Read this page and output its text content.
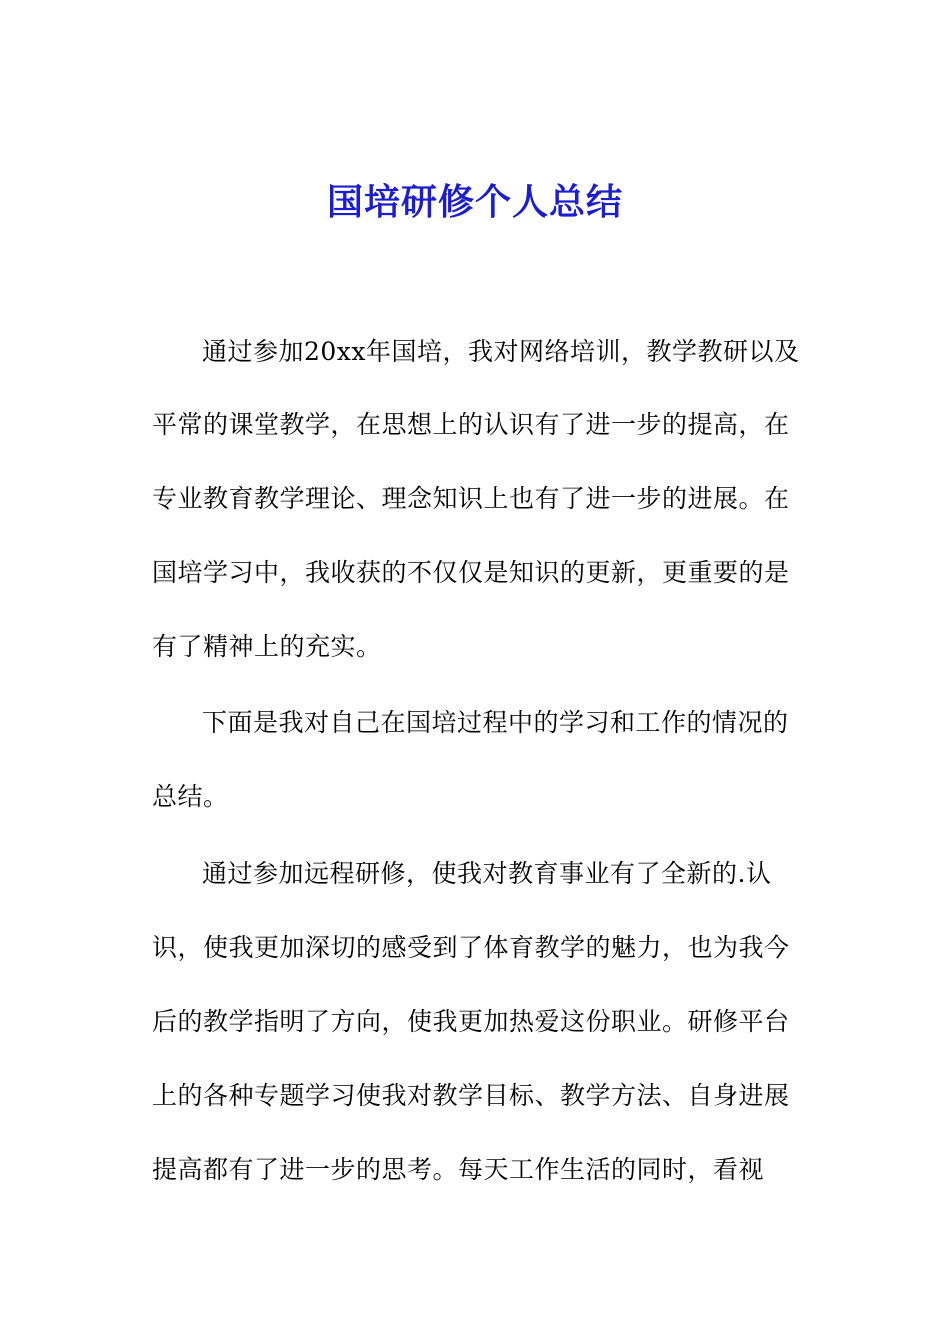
国培研修个人总结
通过参加20xx年国培，我对网络培训，教学教研以及
平常的课堂教学，在思想上的认识有了进一步的提高，在
专业教育教学理论、理念知识上也有了进一步的进展。在
国培学习中，我收获的不仅仅是知识的更新，更重要的是
有了精神上的充实。
下面是我对自己在国培过程中的学习和工作的情况的
总结。
通过参加远程研修，使我对教育事业有了全新的.认
识，使我更加深切的感受到了体育教学的魅力，也为我今
后的教学指明了方向，使我更加热爱这份职业。研修平台
上的各种专题学习使我对教学目标、教学方法、自身进展
提高都有了进一步的思考。每天工作生活的同时，看视
